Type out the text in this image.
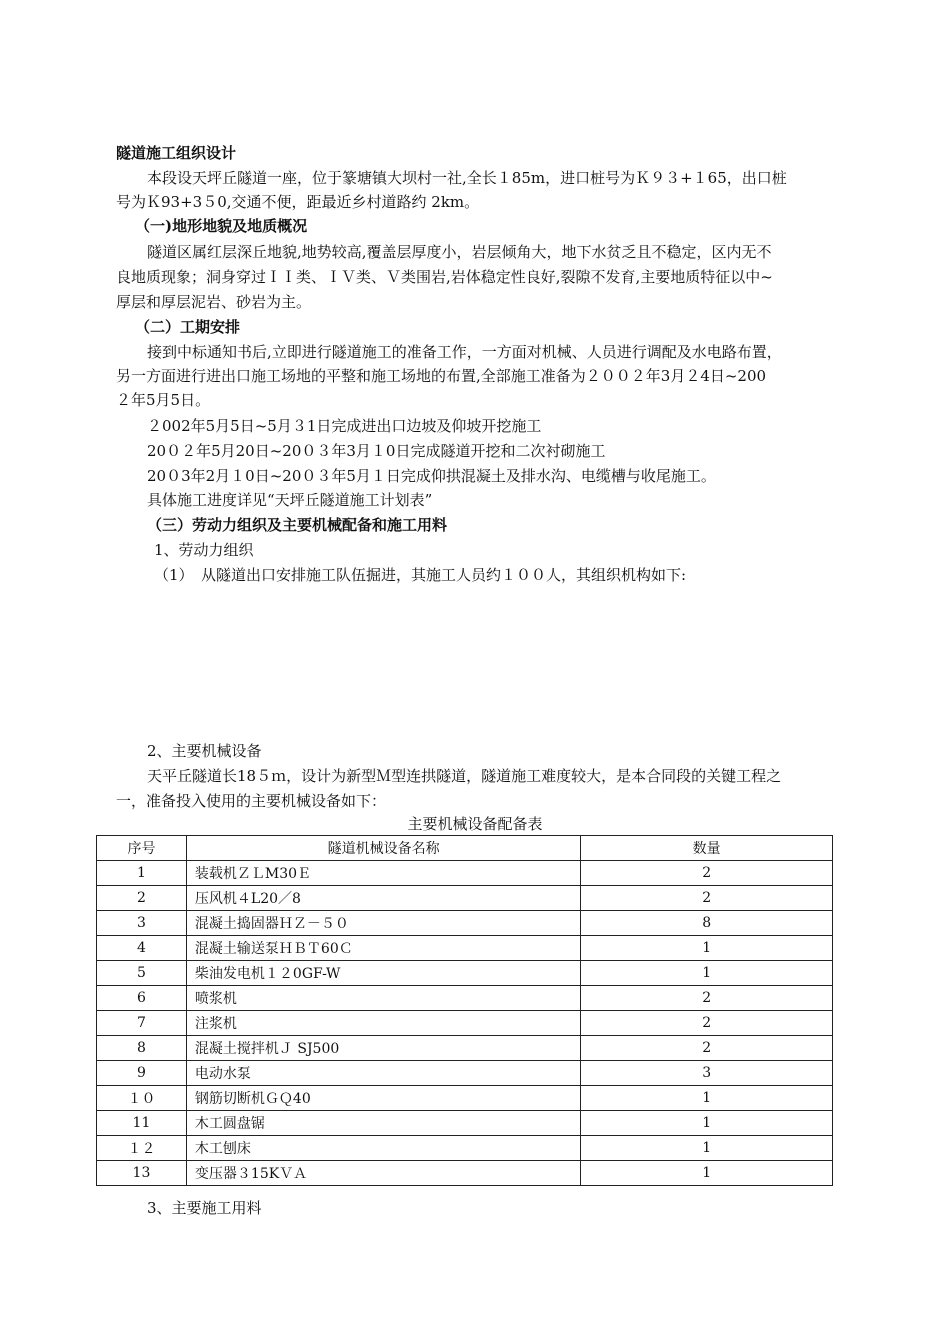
隧道施工组织设计
本段设天坪丘隧道一座，位于篆塘镇大坝村一社,全长１85m，进口桩号为Ｋ９３+１65，出口桩
号为Ｋ93+3５0,交通不便，距最近乡村道路约 2km。
（一)地形地貌及地质概况
隧道区属红层深丘地貌,地势较高,覆盖层厚度小，岩层倾角大，地下水贫乏且不稳定，区内无不
良地质现象；洞身穿过ＩＩ类、ＩＶ类、Ｖ类围岩,岩体稳定性良好,裂隙不发育,主要地质特征以中~
厚层和厚层泥岩、砂岩为主。
（二）工期安排
接到中标通知书后,立即进行隧道施工的准备工作，一方面对机械、人员进行调配及水电路布置，
另一方面进行进出口施工场地的平整和施工场地的布置,全部施工准备为２００２年3月２4日~200
２年5月5日。
２002年5月5日~5月３1日完成进出口边坡及仰坡开挖施工
20０２年5月20日~20０３年3月１0日完成隧道开挖和二次衬砌施工
20０3年2月１0日~20０３年5月１日完成仰拱混凝土及排水沟、电缆槽与收尾施工。
具体施工进度详见“天坪丘隧道施工计划表”
（三）劳动力组织及主要机械配备和施工用料
1、劳动力组织
（1）　从隧道出口安排施工队伍掘进，其施工人员约１００人，其组织机构如下:
2、主要机械设备
天平丘隧道长18５ｍ，设计为新型Ｍ型连拱隧道，隧道施工难度较大，是本合同段的关键工程之
一，准备投入使用的主要机械设备如下：
主要机械设备配备表
序号	隧道机械设备名称	数量
1	装载机ＺＬM30Ｅ	2
2	压风机４L20／8	2
3	混凝土捣固器ＨＺ－５０	8
4	混凝土输送泵ＨＢＴ60Ｃ	1
5	柴油发电机１２0GF-W	1
6	喷浆机	2
7	注浆机	2
8	混凝土搅拌机Ｊ SJ500	2
9	电动水泵	3
１０	钢筋切断机ＧＱ40	1
11	木工圆盘锯	1
１２	木工刨床	1
13	变压器３15KＶＡ	1
3、主要施工用料
